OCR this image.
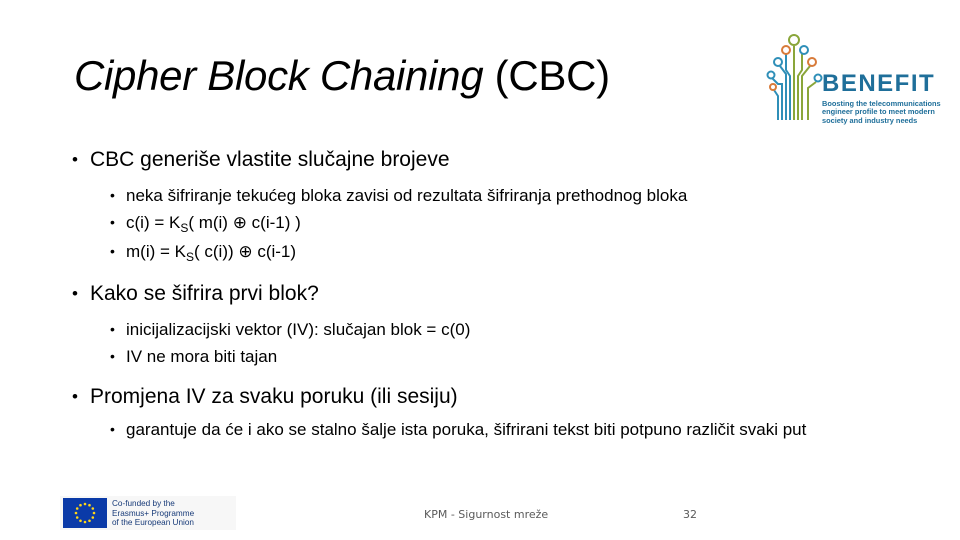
Cipher Block Chaining (CBC)	BENEFIT
Boosting the telecommunications engineer profile to meet modern society and industry needs
• CBC generiše vlastite slučajne brojeve
• neka šifriranje tekućeg bloka zavisi od rezultata šifriranja prethodnog bloka
• $c(i) = K_S$( m(i) ⊕ c(i-1) )
• $m(i) = K_S$( c(i)) ⊕ c(i-1)
• Kako se šifrira prvi blok?
• inicijalizacijski vektor (IV): slučajan blok = c(0)
• IV ne mora biti tajan
• Promjena IV za svaku poruku (ili sesiju)
• garantuje da će i ako se stalno šalje ista poruka, šifrirani tekst biti potpuno različit svaki put
Co-funded by the
Erasmus+ Programme
of the European Union
KPM - Sigurnost mreže	32
